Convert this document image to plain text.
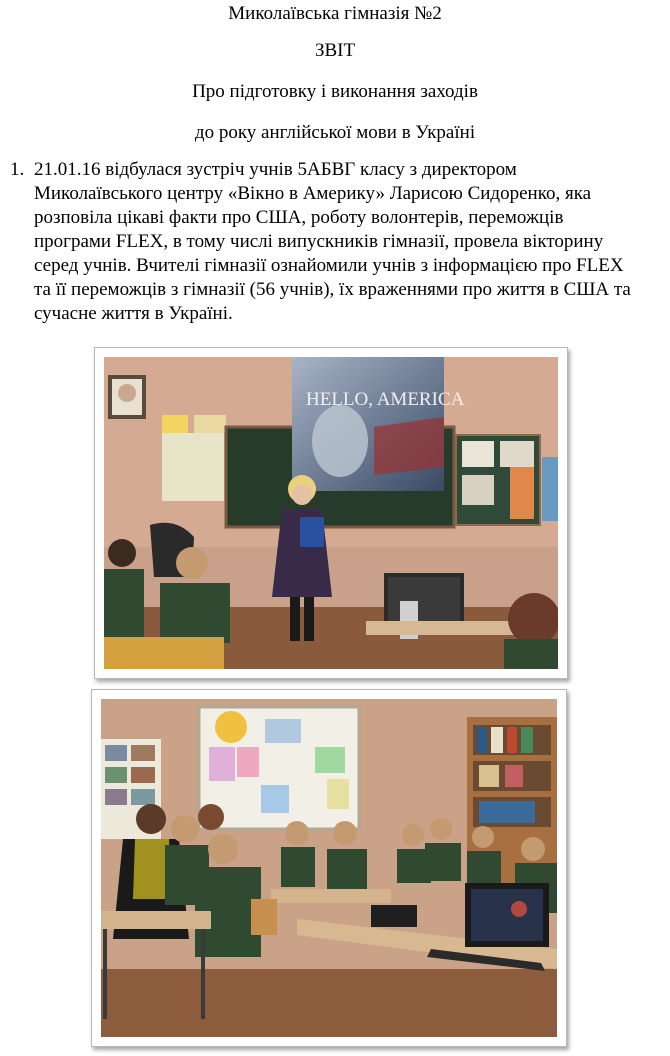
Миколаївська гімназія №2
ЗВІТ
Про підготовку і виконання заходів
до року англійської мови в Україні
1. 21.01.16 відбулася зустріч учнів 5АБВГ класу з директором
Миколаївського центру «Вікно в Америку» Ларисою Сидоренко, яка
розповіла цікаві факти про США, роботу волонтерів, переможців
програми FLEX, в тому числі випускників гімназії, провела вікторину
серед учнів. Вчителі гімназії ознайомили учнів з інформацією про FLEX
та її переможців з гімназії (56 учнів), їх враженнями про життя в США та
сучасне життя в Україні.
HELLO, AMERICA
